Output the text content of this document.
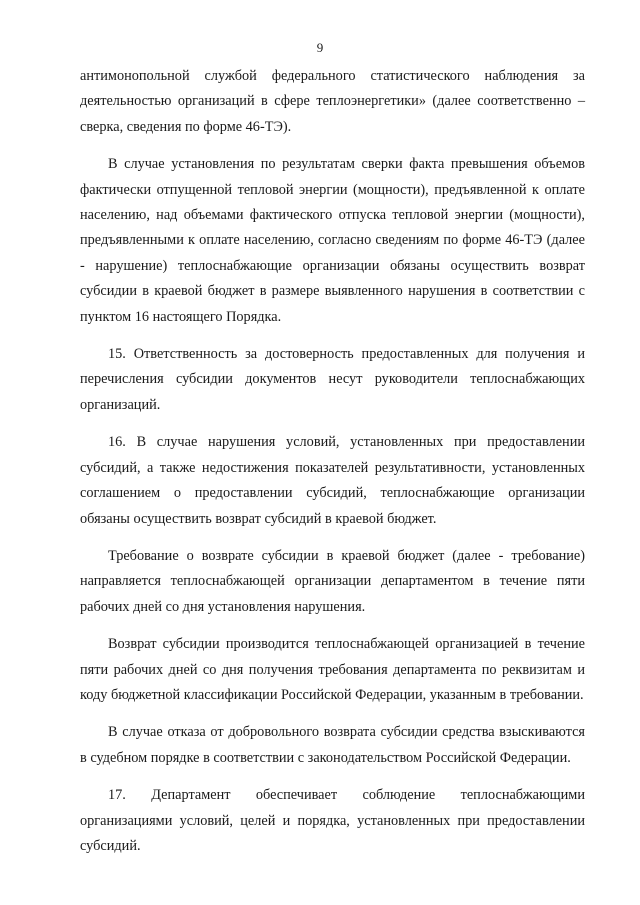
9

антимонопольной службой федерального статистического наблюдения за деятельностью организаций в сфере теплоэнергетики» (далее соответственно – сверка, сведения по форме 46-ТЭ).

В случае установления по результатам сверки факта превышения объемов фактически отпущенной тепловой энергии (мощности), предъявленной к оплате населению, над объемами фактического отпуска тепловой энергии (мощности), предъявленными к оплате населению, согласно сведениям по форме 46-ТЭ (далее - нарушение) теплоснабжающие организации обязаны осуществить возврат субсидии в краевой бюджет в размере выявленного нарушения в соответствии с пунктом 16 настоящего Порядка.

15. Ответственность за достоверность предоставленных для получения и перечисления субсидии документов несут руководители теплоснабжающих организаций.

16. В случае нарушения условий, установленных при предоставлении субсидий, а также недостижения показателей результативности, установленных соглашением о предоставлении субсидий, теплоснабжающие организации обязаны осуществить возврат субсидий в краевой бюджет.

Требование о возврате субсидии в краевой бюджет (далее - требование) направляется теплоснабжающей организации департаментом в течение пяти рабочих дней со дня установления нарушения.

Возврат субсидии производится теплоснабжающей организацией в течение пяти рабочих дней со дня получения требования департамента по реквизитам и коду бюджетной классификации Российской Федерации, указанным в требовании.

В случае отказа от добровольного возврата субсидии средства взыскиваются в судебном порядке в соответствии с законодательством Российской Федерации.

17. Департамент обеспечивает соблюдение теплоснабжающими организациями условий, целей и порядка, установленных при предоставлении субсидий.
